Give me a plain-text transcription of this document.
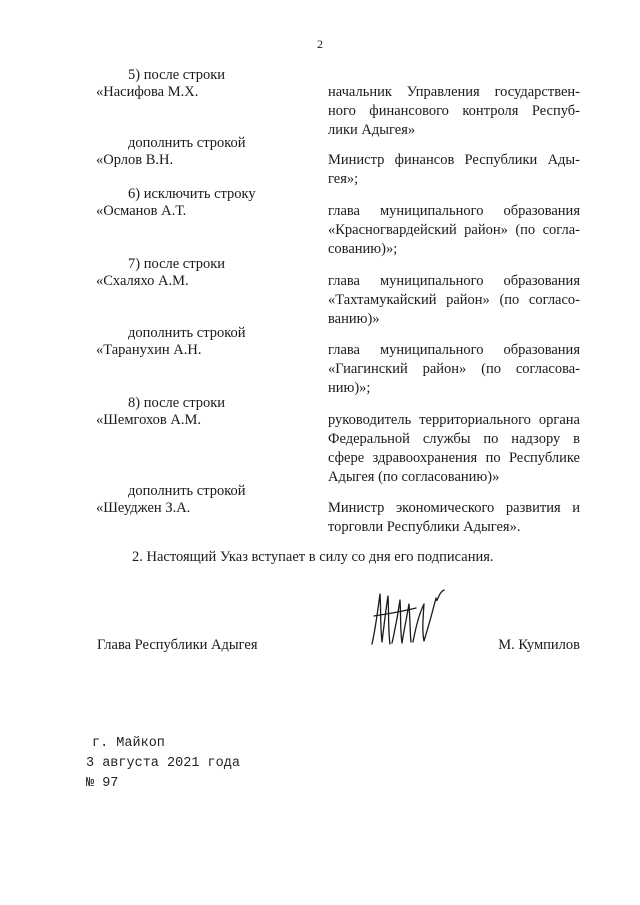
2
5) после строки
«Насифова М.Х.	начальник Управления государствен-
ного финансового контроля Респуб-
лики Адыгея»
дополнить строкой
«Орлов В.Н.	Министр финансов Республики Ады-
гея»;
6) исключить строку
«Османов А.Т.	глава муниципального образования
«Красногвардейский район» (по согла-
сованию)»;
7) после строки
«Схаляхо А.М.	глава муниципального образования
«Тахтамукайский район» (по согласо-
ванию)»
дополнить строкой
«Таранухин А.Н.	глава муниципального образования
«Гиагинский район» (по согласова-
нию)»;
8) после строки
«Шемгохов А.М.	руководитель территориального органа
Федеральной службы по надзору в
сфере здравоохранения по Республике
Адыгея (по согласованию)»
дополнить строкой
«Шеуджен З.А.	Министр экономического развития и
торговли Республики Адыгея».
2. Настоящий Указ вступает в силу со дня его подписания.
Глава Республики Адыгея	М. Кумпилов
г. Майкоп
3 августа 2021 года
№ 97
